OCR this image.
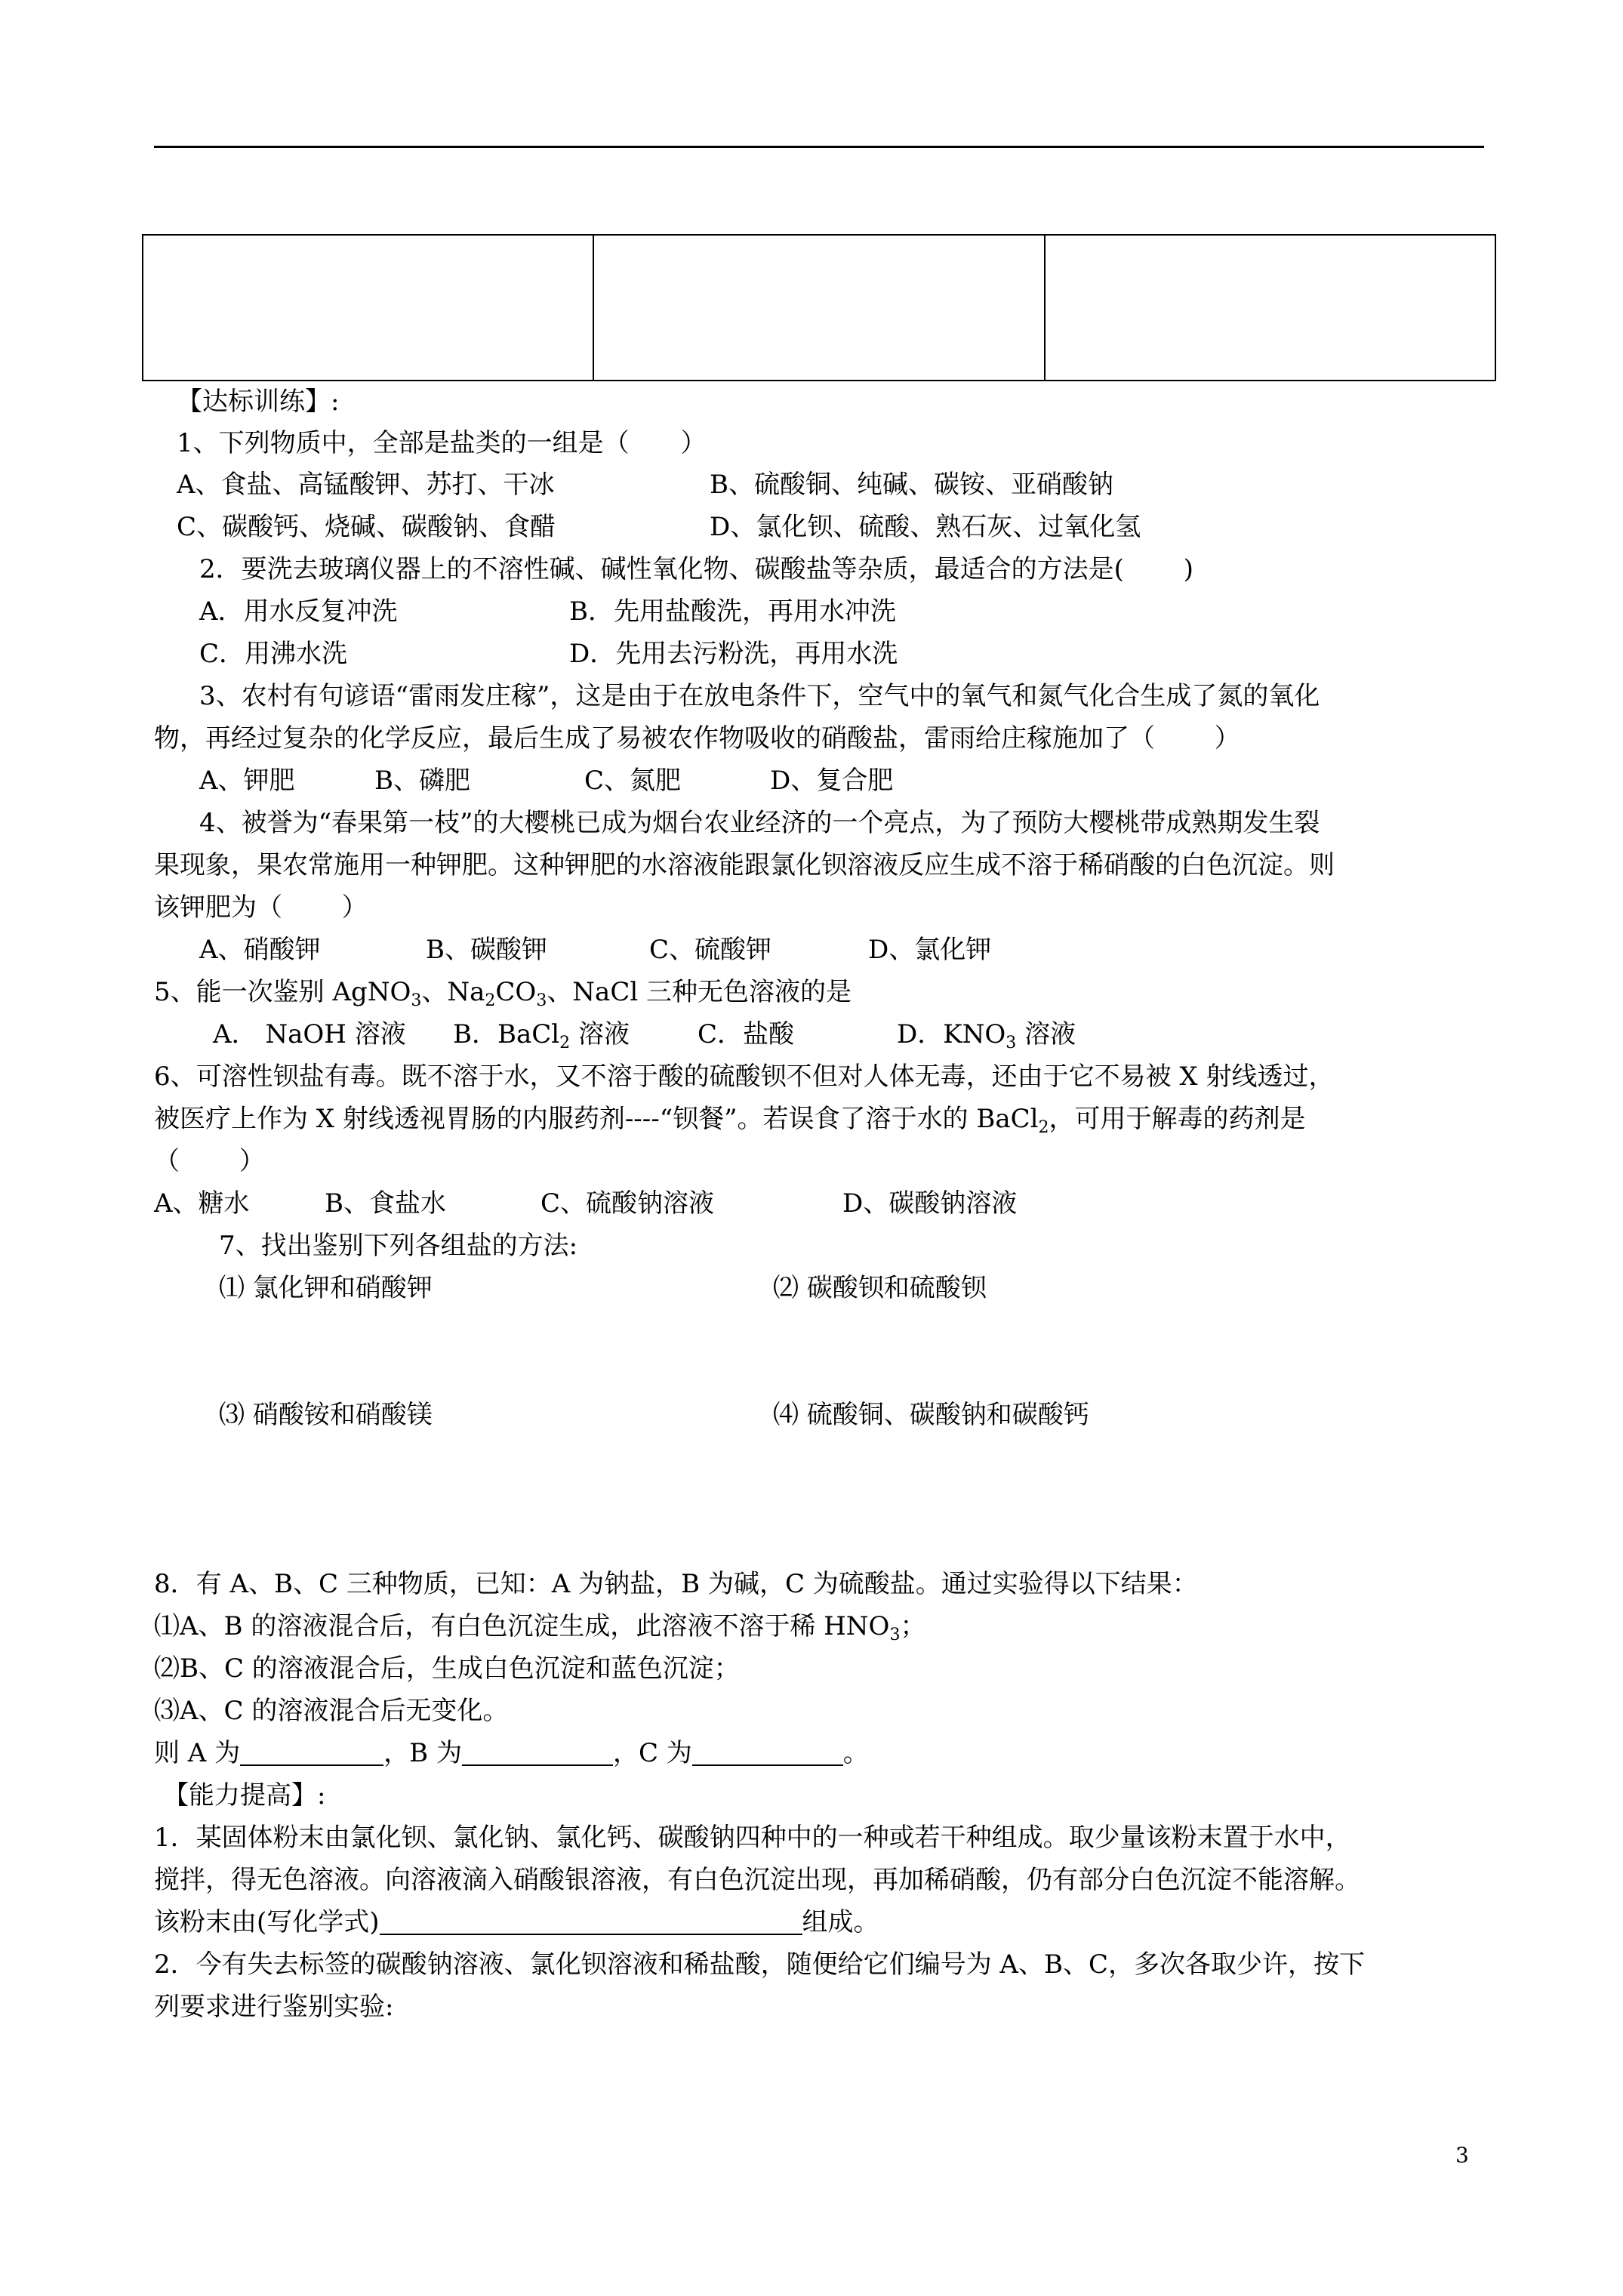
【达标训练】:
1、下列物质中，全部是盐类的一组是（　　）
A、食盐、高锰酸钾、苏打、干冰	B、硫酸铜、纯碱、碳铵、亚硝酸钠
C、碳酸钙、烧碱、碳酸钠、食醋	D、氯化钡、硫酸、熟石灰、过氧化氢
2．要洗去玻璃仪器上的不溶性碱、碱性氧化物、碳酸盐等杂质，最适合的方法是(　　 )
A．用水反复冲洗	B．先用盐酸洗，再用水冲洗
C．用沸水洗	D．先用去污粉洗，再用水洗
3、农村有句谚语“雷雨发庄稼”，这是由于在放电条件下，空气中的氧气和氮气化合生成了氮的氧化
物，再经过复杂的化学反应，最后生成了易被农作物吸收的硝酸盐，雷雨给庄稼施加了（　　 ）
A、钾肥	B、磷肥	C、氮肥	D、复合肥
4、被誉为“春果第一枝”的大樱桃已成为烟台农业经济的一个亮点，为了预防大樱桃带成熟期发生裂
果现象，果农常施用一种钾肥。这种钾肥的水溶液能跟氯化钡溶液反应生成不溶于稀硝酸的白色沉淀。则
该钾肥为（　　 ）
A、硝酸钾	B、碳酸钾	C、硫酸钾	D、氯化钾
5、能一次鉴别 AgNO$_3$、$Na_2CO_3$、NaCl 三种无色溶液的是
A． NaOH 溶液 B．BaCl$_2$ 溶液	C．盐酸	D．$KNO_3$ 溶液
6、可溶性钡盐有毒。既不溶于水，又不溶于酸的硫酸钡不但对人体无毒，还由于它不易被 X 射线透过，
被医疗上作为 X 射线透视胃肠的内服药剂----“钡餐”。若误食了溶于水的 BaCl$_2$，可用于解毒的药剂是
（　　 ）
A、糖水	B、食盐水	C、硫酸钠溶液	D、碳酸钠溶液
7、找出鉴别下列各组盐的方法:
⑴ 氯化钾和硝酸钾	⑵ 碳酸钡和硫酸钡
⑶ 硝酸铵和硝酸镁	⑷ 硫酸铜、碳酸钠和碳酸钙
8．有 A、B、C 三种物质，已知：A 为钠盐，B 为碱，C 为硫酸盐。通过实验得以下结果：
⑴A、B 的溶液混合后，有白色沉淀生成，此溶液不溶于稀 $HNO_3$；
⑵B、C 的溶液混合后，生成白色沉淀和蓝色沉淀；
⑶A、C 的溶液混合后无变化。
则 A 为	，B 为	，C 为	。
【能力提高】:
1．某固体粉末由氯化钡、氯化钠、氯化钙、碳酸钠四种中的一种或若干种组成。取少量该粉末置于水中，
搅拌，得无色溶液。向溶液滴入硝酸银溶液，有白色沉淀出现，再加稀硝酸，仍有部分白色沉淀不能溶解。
该粉末由(写化学式)	组成。
2．今有失去标签的碳酸钠溶液、氯化钡溶液和稀盐酸，随便给它们编号为 A、B、C，多次各取少许，按下
列要求进行鉴别实验:
3
